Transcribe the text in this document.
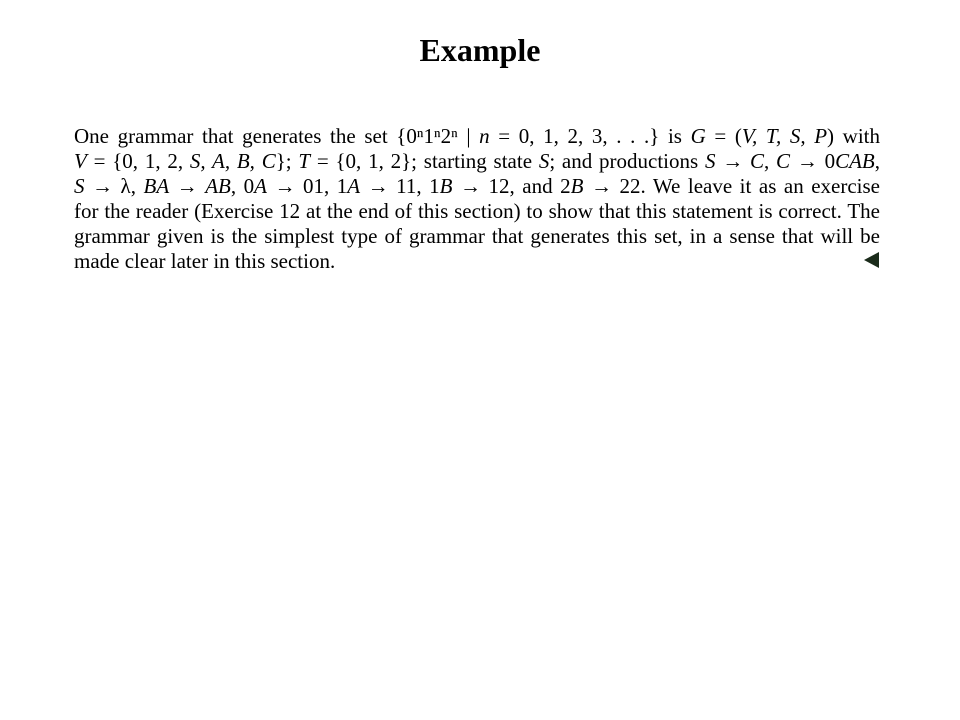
Example
One grammar that generates the set {0ⁿ1ⁿ2ⁿ | n = 0, 1, 2, 3, . . .} is G = (V, T, S, P) with
V = {0, 1, 2, S, A, B, C}; T = {0, 1, 2}; starting state S; and productions S → C, C → 0CAB,
S → λ, BA → AB, 0A → 01, 1A → 11, 1B → 12, and 2B → 22. We leave it as an exercise
for the reader (Exercise 12 at the end of this section) to show that this statement is correct. The
grammar given is the simplest type of grammar that generates this set, in a sense that will be
made clear later in this section.
